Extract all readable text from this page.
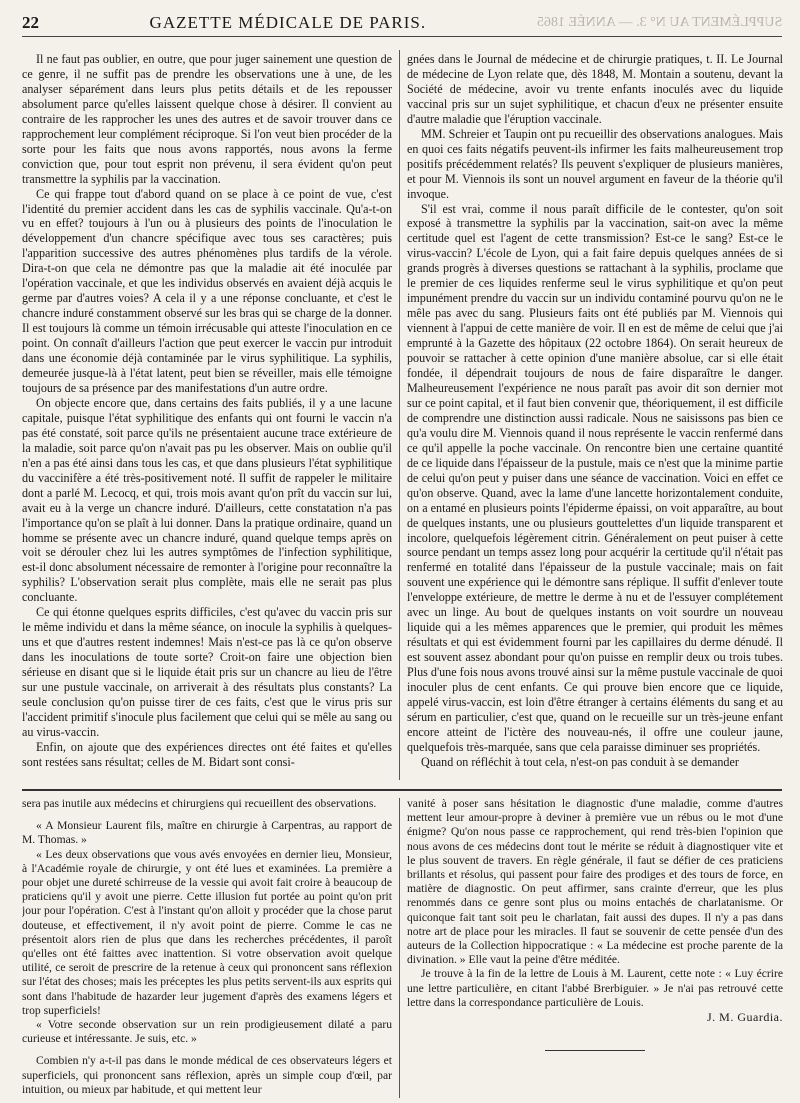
22	GAZETTE MÉDICALE DE PARIS.	SUPPLÉMENT AU N° 3. — ANNÉE 1865

Il ne faut pas oublier, en outre, que pour juger sainement une question de ce genre, il ne suffit pas de prendre les observations une à une, de les analyser séparément dans leurs plus petits détails et de les repousser absolument parce qu'elles laissent quelque chose à désirer. Il convient au contraire de les rapprocher les unes des autres et de savoir trouver dans ce rapprochement leur complément réciproque. Si l'on veut bien procéder de la sorte pour les faits que nous avons rapportés, nous avons la ferme conviction que, pour tout esprit non prévenu, il sera évident qu'on peut transmettre la syphilis par la vaccination.

Ce qui frappe tout d'abord quand on se place à ce point de vue, c'est l'identité du premier accident dans les cas de syphilis vaccinale. Qu'a-t-on vu en effet? toujours à l'un ou à plusieurs des points de l'inoculation le développement d'un chancre spécifique avec tous ses caractères; puis l'apparition successive des autres phénomènes plus tardifs de la vérole. Dira-t-on que cela ne démontre pas que la maladie ait été inoculée par l'opération vaccinale, et que les individus observés en avaient déjà acquis le germe par d'autres voies? A cela il y a une réponse concluante, et c'est le chancre induré constamment observé sur les bras qui se charge de la donner. Il est toujours là comme un témoin irrécusable qui atteste l'inoculation en ce point. On connaît d'ailleurs l'action que peut exercer le vaccin pur introduit dans une économie déjà contaminée par le virus syphilitique. La syphilis, demeurée jusque-là à l'état latent, peut bien se réveiller, mais elle témoigne toujours de sa présence par des manifestations d'un autre ordre.

On objecte encore que, dans certains des faits publiés, il y a une lacune capitale, puisque l'état syphilitique des enfants qui ont fourni le vaccin n'a pas été constaté, soit parce qu'ils ne présentaient aucune trace extérieure de la maladie, soit parce qu'on n'avait pas pu les observer. Mais on oublie qu'il n'en a pas été ainsi dans tous les cas, et que dans plusieurs l'état syphilitique du vaccinifère a été très-positivement noté. Il suffit de rappeler le militaire dont a parlé M. Lecocq, et qui, trois mois avant qu'on prît du vaccin sur lui, avait eu à la verge un chancre induré. D'ailleurs, cette constatation n'a pas l'importance qu'on se plaît à lui donner. Dans la pratique ordinaire, quand un homme se présente avec un chancre induré, quand quelque temps après on voit se dérouler chez lui les autres symptômes de l'infection syphilitique, est-il donc absolument nécessaire de remonter à l'origine pour reconnaître la syphilis? L'observation serait plus complète, mais elle ne serait pas plus concluante.

Ce qui étonne quelques esprits difficiles, c'est qu'avec du vaccin pris sur le même individu et dans la même séance, on inocule la syphilis à quelques-uns et que d'autres restent indemnes! Mais n'est-ce pas là ce qu'on observe dans les inoculations de toute sorte? Croit-on faire une objection bien sérieuse en disant que si le liquide était pris sur un chancre au lieu de l'être sur une pustule vaccinale, on arriverait à des résultats plus constants? La seule conclusion qu'on puisse tirer de ces faits, c'est que le virus pris sur l'accident primitif s'inocule plus facilement que celui qui se mêle au sang ou au virus-vaccin.

Enfin, on ajoute que des expériences directes ont été faites et qu'elles sont restées sans résultat; celles de M. Bidart sont consi-

gnées dans le Journal de médecine et de chirurgie pratiques, t. II. Le Journal de médecine de Lyon relate que, dès 1848, M. Montain a soutenu, devant la Société de médecine, avoir vu trente enfants inoculés avec du liquide vaccinal pris sur un sujet syphilitique, et chacun d'eux ne présenter ensuite d'autre maladie que l'éruption vaccinale.

MM. Schreier et Taupin ont pu recueillir des observations analogues. Mais en quoi ces faits négatifs peuvent-ils infirmer les faits malheureusement trop positifs précédemment relatés? Ils peuvent s'expliquer de plusieurs manières, et pour M. Viennois ils sont un nouvel argument en faveur de la théorie qu'il invoque.

S'il est vrai, comme il nous paraît difficile de le contester, qu'on soit exposé à transmettre la syphilis par la vaccination, sait-on avec la même certitude quel est l'agent de cette transmission? Est-ce le sang? Est-ce le virus-vaccin? L'école de Lyon, qui a fait faire depuis quelques années de si grands progrès à diverses questions se rattachant à la syphilis, proclame que le premier de ces liquides renferme seul le virus syphilitique et qu'on peut impunément prendre du vaccin sur un individu contaminé pourvu qu'on ne le mêle pas avec du sang. Plusieurs faits ont été publiés par M. Viennois qui viennent à l'appui de cette manière de voir. Il en est de même de celui que j'ai emprunté à la Gazette des hôpitaux (22 octobre 1864). On serait heureux de pouvoir se rattacher à cette opinion d'une manière absolue, car si elle était fondée, il dépendrait toujours de nous de faire disparaître le danger. Malheureusement l'expérience ne nous paraît pas avoir dit son dernier mot sur ce point capital, et il faut bien convenir que, théoriquement, il est difficile de comprendre une distinction aussi radicale. Nous ne saisissons pas bien ce qu'a voulu dire M. Viennois quand il nous représente le vaccin renfermé dans ce qu'il appelle la poche vaccinale. On rencontre bien une certaine quantité de ce liquide dans l'épaisseur de la pustule, mais ce n'est que la minime partie de celui qu'on peut y puiser dans une séance de vaccination. Voici en effet ce qu'on observe. Quand, avec la lame d'une lancette horizontalement conduite, on a entamé en plusieurs points l'épiderme épaissi, on voit apparaître, au bout de quelques instants, une ou plusieurs gouttelettes d'un liquide transparent et incolore, quelquefois légèrement citrin. Généralement on peut puiser à cette source pendant un temps assez long pour acquérir la certitude qu'il n'était pas renfermé en totalité dans l'épaisseur de la pustule vaccinale; mais on fait souvent une expérience qui le démontre sans réplique. Il suffit d'enlever toute l'enveloppe extérieure, de mettre le derme à nu et de l'essuyer complétement avec un linge. Au bout de quelques instants on voit sourdre un nouveau liquide qui a les mêmes apparences que le premier, qui produit les mêmes résultats et qui est évidemment fourni par les capillaires du derme dénudé. Il est souvent assez abondant pour qu'on puisse en remplir deux ou trois tubes. Plus d'une fois nous avons trouvé ainsi sur la même pustule vaccinale de quoi inoculer plus de cent enfants. Ce qui prouve bien encore que ce liquide, appelé virus-vaccin, est loin d'être étranger à certains éléments du sang et au sérum en particulier, c'est que, quand on le recueille sur un très-jeune enfant encore atteint de l'ictère des nouveau-nés, il offre une couleur jaune, quelquefois très-marquée, sans que cela paraisse diminuer ses propriétés.

Quand on réfléchit à tout cela, n'est-on pas conduit à se demander

sera pas inutile aux médecins et chirurgiens qui recueillent des observations.

« A Monsieur Laurent fils, maître en chirurgie à Carpentras, au rapport de M. Thomas. »

« Les deux observations que vous avés envoyées en dernier lieu, Monsieur, à l'Académie royale de chirurgie, y ont été lues et examinées. La première a pour objet une dureté schirreuse de la vessie qui avoit fait croire à beaucoup de praticiens qu'il y avoit une pierre. Cette illusion fut portée au point qu'on prit jour pour l'opération. C'est à l'instant qu'on alloit y procéder que la chose parut douteuse, et effectivement, il n'y avoit point de pierre. Comme le cas ne présentoit alors rien de plus que dans les recherches précédentes, il paroît qu'elles ont été faittes avec inattention. Si votre observation avoit quelque utilité, ce seroit de prescrire de la retenue à ceux qui prononcent sans réflexion sur l'état des choses; mais les préceptes les plus petits servent-ils aux esprits qui sont dans l'habitude de hazarder leur jugement d'après des examens légers et trop superficiels!

« Votre seconde observation sur un rein prodigieusement dilaté a paru curieuse et intéressante. Je suis, etc. »

Combien n'y a-t-il pas dans le monde médical de ces observateurs légers et superficiels, qui prononcent sans réflexion, après un simple coup d'œil, par intuition, ou mieux par habitude, et qui mettent leur

vanité à poser sans hésitation le diagnostic d'une maladie, comme d'autres mettent leur amour-propre à deviner à première vue un rébus ou le mot d'une énigme? Qu'on nous passe ce rapprochement, qui rend très-bien l'opinion que nous avons de ces médecins dont tout le mérite se réduit à diagnostiquer vite et le plus souvent de travers. En règle générale, il faut se défier de ces praticiens brillants et résolus, qui passent pour faire des prodiges et des tours de force, en matière de diagnostic. On peut affirmer, sans crainte d'erreur, que les plus renommés dans ce genre sont plus ou moins entachés de charlatanisme. Or quiconque fait tant soit peu le charlatan, fait aussi des dupes. Il n'y a pas dans notre art de place pour les miracles. Il faut se souvenir de cette pensée d'un des auteurs de la Collection hippocratique : « La médecine est proche parente de la divination. » Elle vaut la peine d'être méditée.

Je trouve à la fin de la lettre de Louis à M. Laurent, cette note : « Luy écrire une lettre particulière, en citant l'abbé Brerbiguier. » Je n'ai pas retrouvé cette lettre dans la correspondance particulière de Louis.

J. M. Guardia.
